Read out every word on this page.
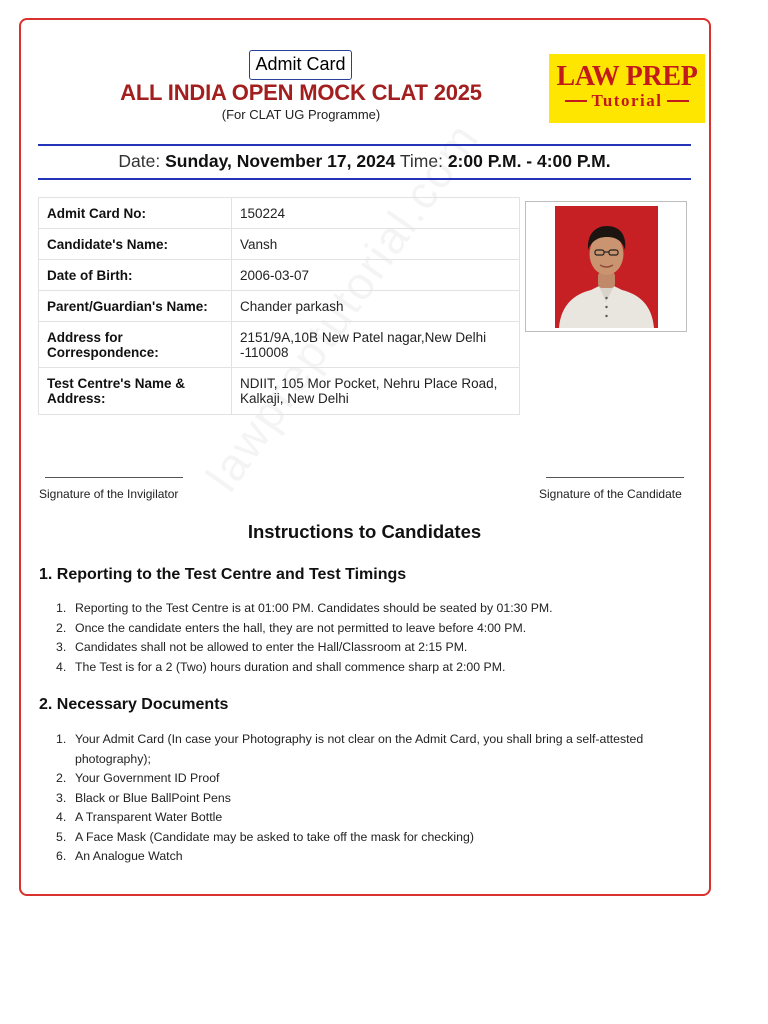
Admit Card
ALL INDIA OPEN MOCK CLAT 2025
(For CLAT UG Programme)
LAW PREP
Tutorial
Date: Sunday, November 17, 2024 Time: 2:00 P.M. - 4:00 P.M.
Admit Card No:	150224
Candidate's Name:	Vansh
Date of Birth:	2006-03-07
Parent/Guardian's Name:	Chander parkash
Address for Correspondence:	2151/9A,10B New Patel nagar,New Delhi -110008
Test Centre's Name & Address:	NDIIT, 105 Mor Pocket, Nehru Place Road, Kalkaji, New Delhi
Signature of the Invigilator	Signature of the Candidate
Instructions to Candidates
1. Reporting to the Test Centre and Test Timings
1. Reporting to the Test Centre is at 01:00 PM. Candidates should be seated by 01:30 PM.
2. Once the candidate enters the hall, they are not permitted to leave before 4:00 PM.
3. Candidates shall not be allowed to enter the Hall/Classroom at 2:15 PM.
4. The Test is for a 2 (Two) hours duration and shall commence sharp at 2:00 PM.
2. Necessary Documents
1. Your Admit Card (In case your Photography is not clear on the Admit Card, you shall bring a self-attested photography);
2. Your Government ID Proof
3. Black or Blue BallPoint Pens
4. A Transparent Water Bottle
5. A Face Mask (Candidate may be asked to take off the mask for checking)
6. An Analogue Watch
